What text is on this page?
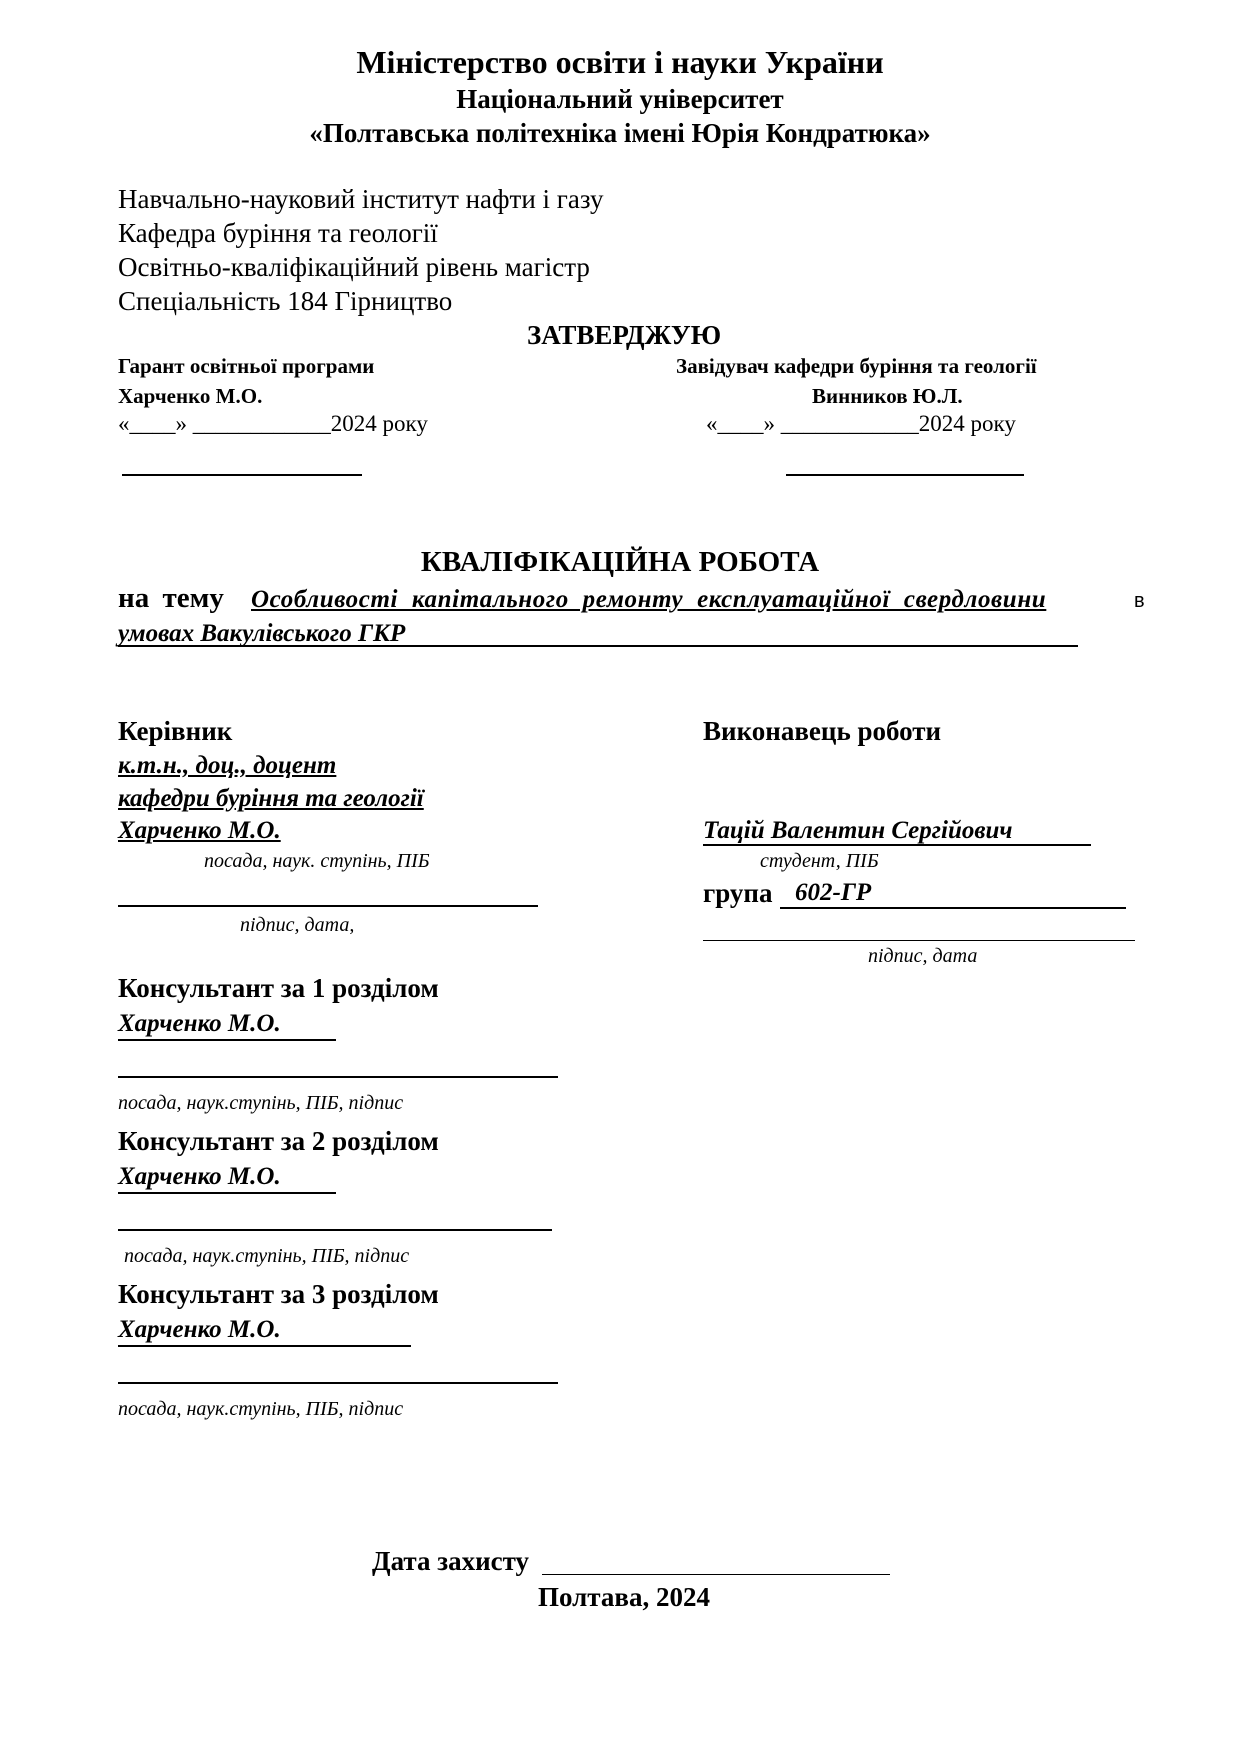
Міністерство освіти і науки України
Національний університет
«Полтавська політехніка імені Юрія Кондратюка»
Навчально-науковий інститут нафти і газу
Кафедра буріння та геології
Освітньо-кваліфікаційний рівень магістр
Спеціальність 184 Гірництво
ЗАТВЕРДЖУЮ
Гарант освітньої програми
Харченко М.О.
«____» ____________2024 року
Завідувач кафедри буріння та геології
Винников Ю.Л.
«____» ____________2024 року
КВАЛІФІКАЦІЙНА РОБОТА
на тему Особливості капітального ремонту експлуатаційної свердловини	в
умовах Вакулівського ГКР
Керівник
к.т.н., доц., доцент
кафедри буріння та геології
Харченко М.О.
посада, наук. ступінь, ПІБ
підпис, дата,
Виконавець роботи
Тацій Валентин Сергійович
студент, ПІБ
група 602-ГР
підпис, дата
Консультант за 1 розділом
Харченко М.О.
посада, наук.ступінь, ПІБ, підпис
Консультант за 2 розділом
Харченко М.О.
посада, наук.ступінь, ПІБ, підпис
Консультант за 3 розділом
Харченко М.О.
посада, наук.ступінь, ПІБ, підпис
Дата захисту
Полтава, 2024
